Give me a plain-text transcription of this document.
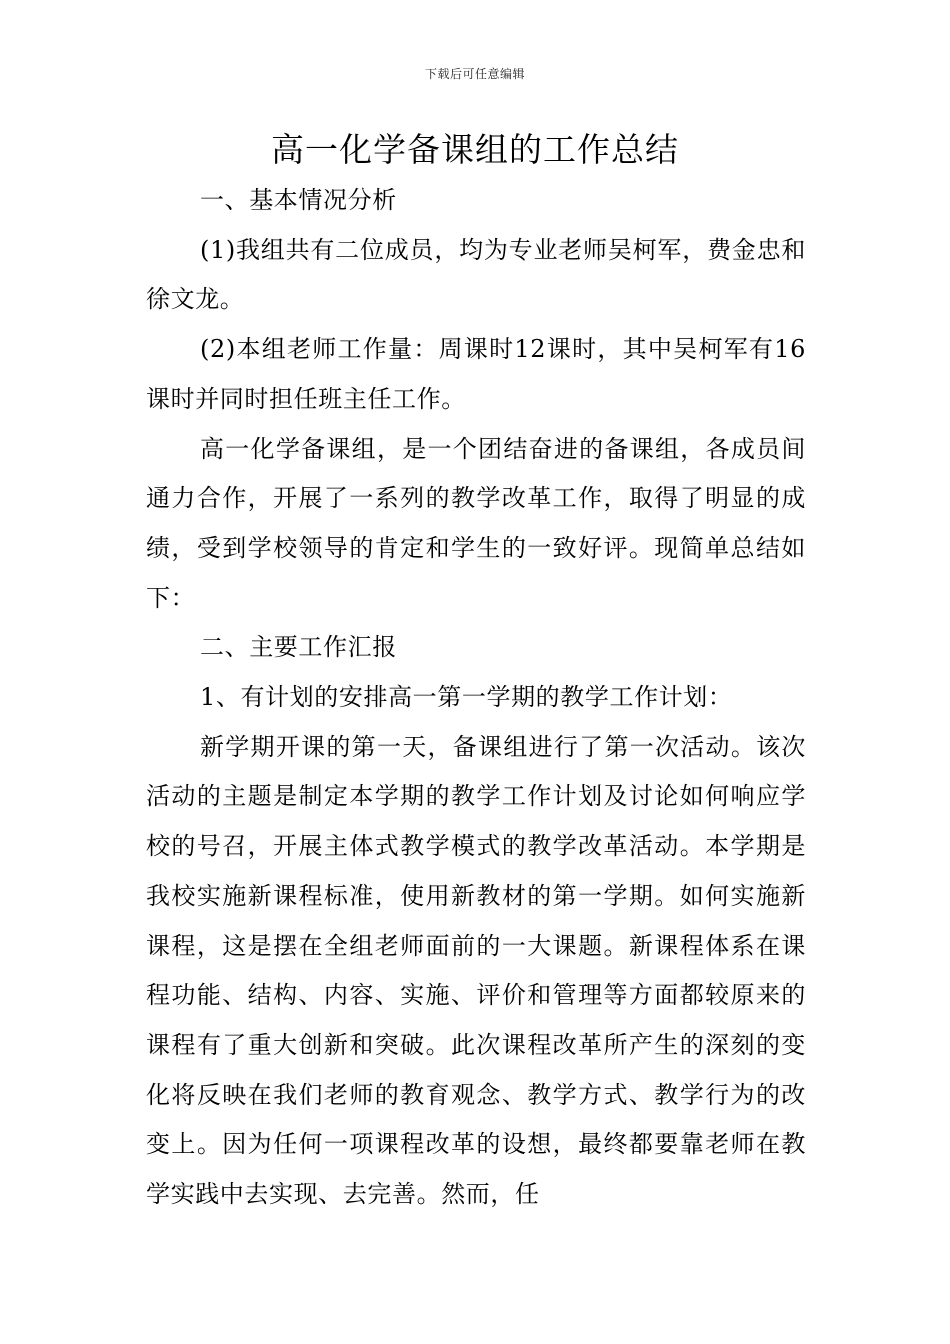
下载后可任意编辑
高一化学备课组的工作总结

一、基本情况分析

(1)我组共有二位成员，均为专业老师吴柯军，费金忠和徐文龙。

(2)本组老师工作量：周课时12课时，其中吴柯军有16课时并同时担任班主任工作。

高一化学备课组，是一个团结奋进的备课组，各成员间通力合作，开展了一系列的教学改革工作，取得了明显的成绩，受到学校领导的肯定和学生的一致好评。现简单总结如下：

二、主要工作汇报

1、有计划的安排高一第一学期的教学工作计划：

新学期开课的第一天，备课组进行了第一次活动。该次活动的主题是制定本学期的教学工作计划及讨论如何响应学校的号召，开展主体式教学模式的教学改革活动。本学期是我校实施新课程标准，使用新教材的第一学期。如何实施新课程，这是摆在全组老师面前的一大课题。新课程体系在课程功能、结构、内容、实施、评价和管理等方面都较原来的课程有了重大创新和突破。此次课程改革所产生的深刻的变化将反映在我们老师的教育观念、教学方式、教学行为的改变上。因为任何一项课程改革的设想，最终都要靠老师在教学实践中去实现、去完善。然而，任
